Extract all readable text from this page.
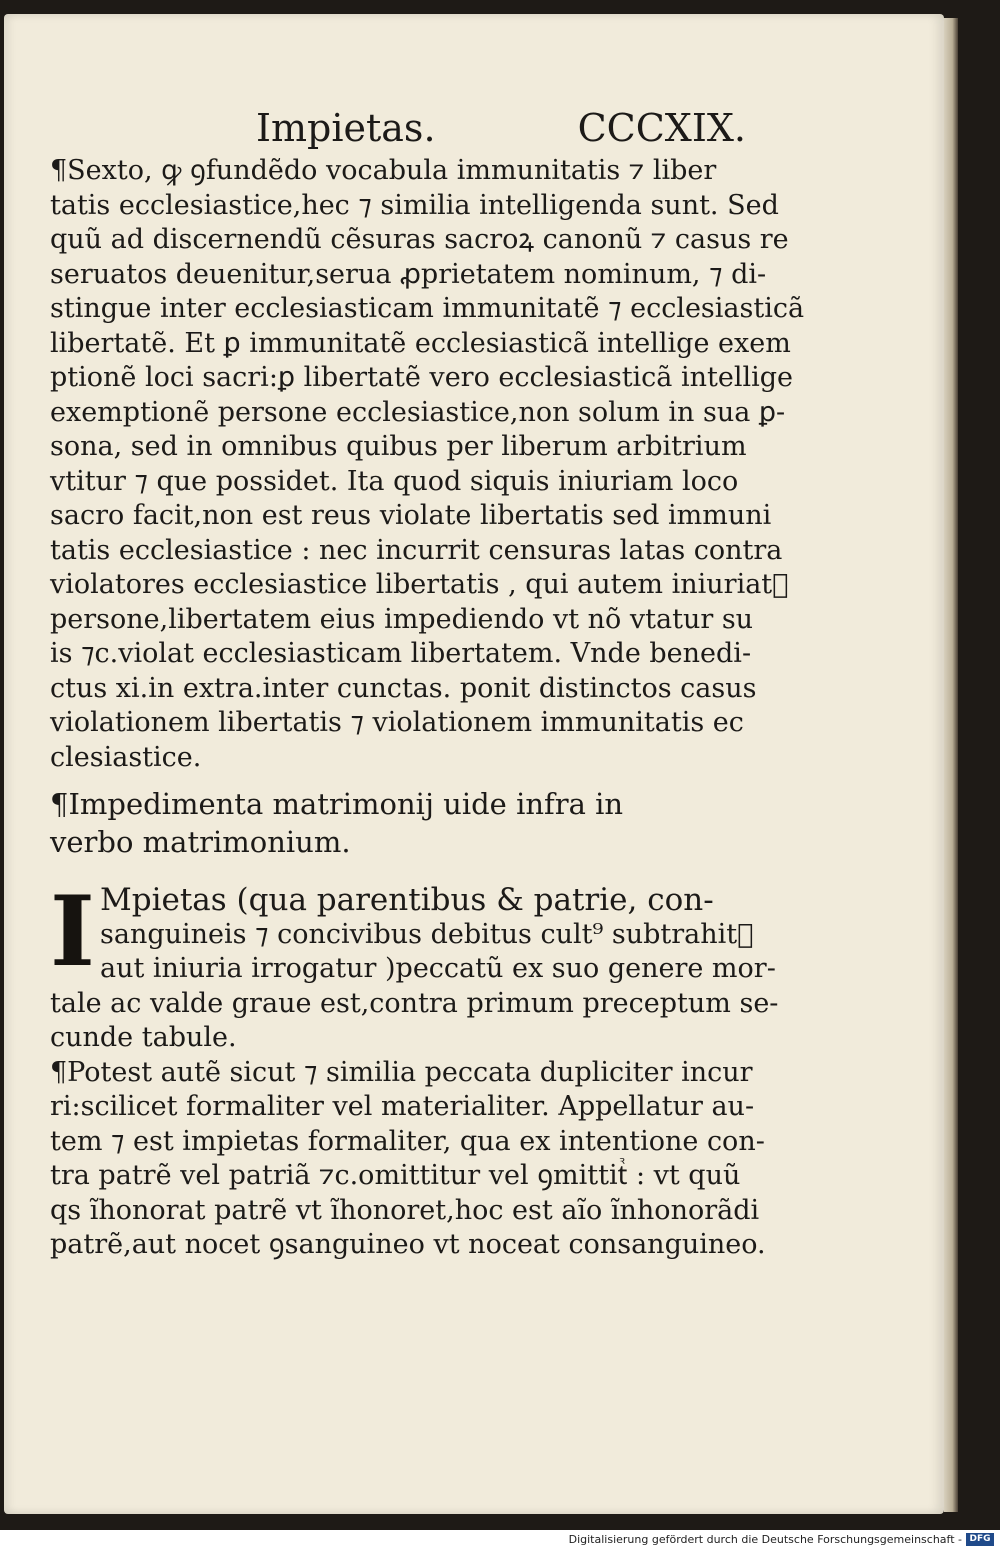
Impietas.	CCCXIX.

¶Sexto, ꝙ ꝯfundẽdo vocabula immunitatis ⁊ liber
tatis ecclesiastice,hec ⁊ similia intelligenda sunt. Sed
quũ ad discernendũ cẽsuras sacroꝝ canonũ ⁊ casus re
seruatos deuenitur,serua ꝓprietatem nominum, ⁊ di-
stingue inter ecclesiasticam immunitatẽ ⁊ ecclesiasticã
libertatẽ. Et ꝑ immunitatẽ ecclesiasticã intellige exem
ptionẽ loci sacri:ꝑ libertatẽ vero ecclesiasticã intellige
exemptionẽ persone ecclesiastice,non solum in sua ꝑ-
sona, sed in omnibus quibus per liberum arbitrium
vtitur ⁊ que possidet. Ita quod siquis iniuriam loco
sacro facit,non est reus violate libertatis sed immuni
tatis ecclesiastice : nec incurrit censuras latas contra
violatores ecclesiastice libertatis , qui autem iniuriatᷣ
persone,libertatem eius impediendo vt nõ vtatur su
is ⁊c.violat ecclesiasticam libertatem. Vnde benedi-
ctus xi.in extra.inter cunctas. ponit distinctos casus
violationem libertatis ⁊ violationem immunitatis ec
clesiastice.

¶Impedimenta matrimonij uide infra in
verbo matrimonium.

I Mpietas (qua parentibus & patrie, con-
sanguineis ⁊ concivibus debitus cult⁹ subtrahitᷣ
aut iniuria irrogatur )peccatũ ex suo genere mor-
tale ac valde graue est,contra primum preceptum se-
cunde tabule.

¶Potest autẽ sicut ⁊ similia peccata dupliciter incur
ri:scilicet formaliter vel materialiter. Appellatur au-
tem ⁊ est impietas formaliter, qua ex intentione con-
tra patrẽ vel patriã ⁊c.omittitur vel ꝯmittitᷣ : vt quũ
qs ĩhonorat patrẽ vt ĩhonoret,hoc est aĩo ĩnhonorãdi
patrẽ,aut nocet ꝯsanguineo vt noceat consanguineo.

Digitalisierung gefördert durch die Deutsche Forschungsgemeinschaft - DFG
